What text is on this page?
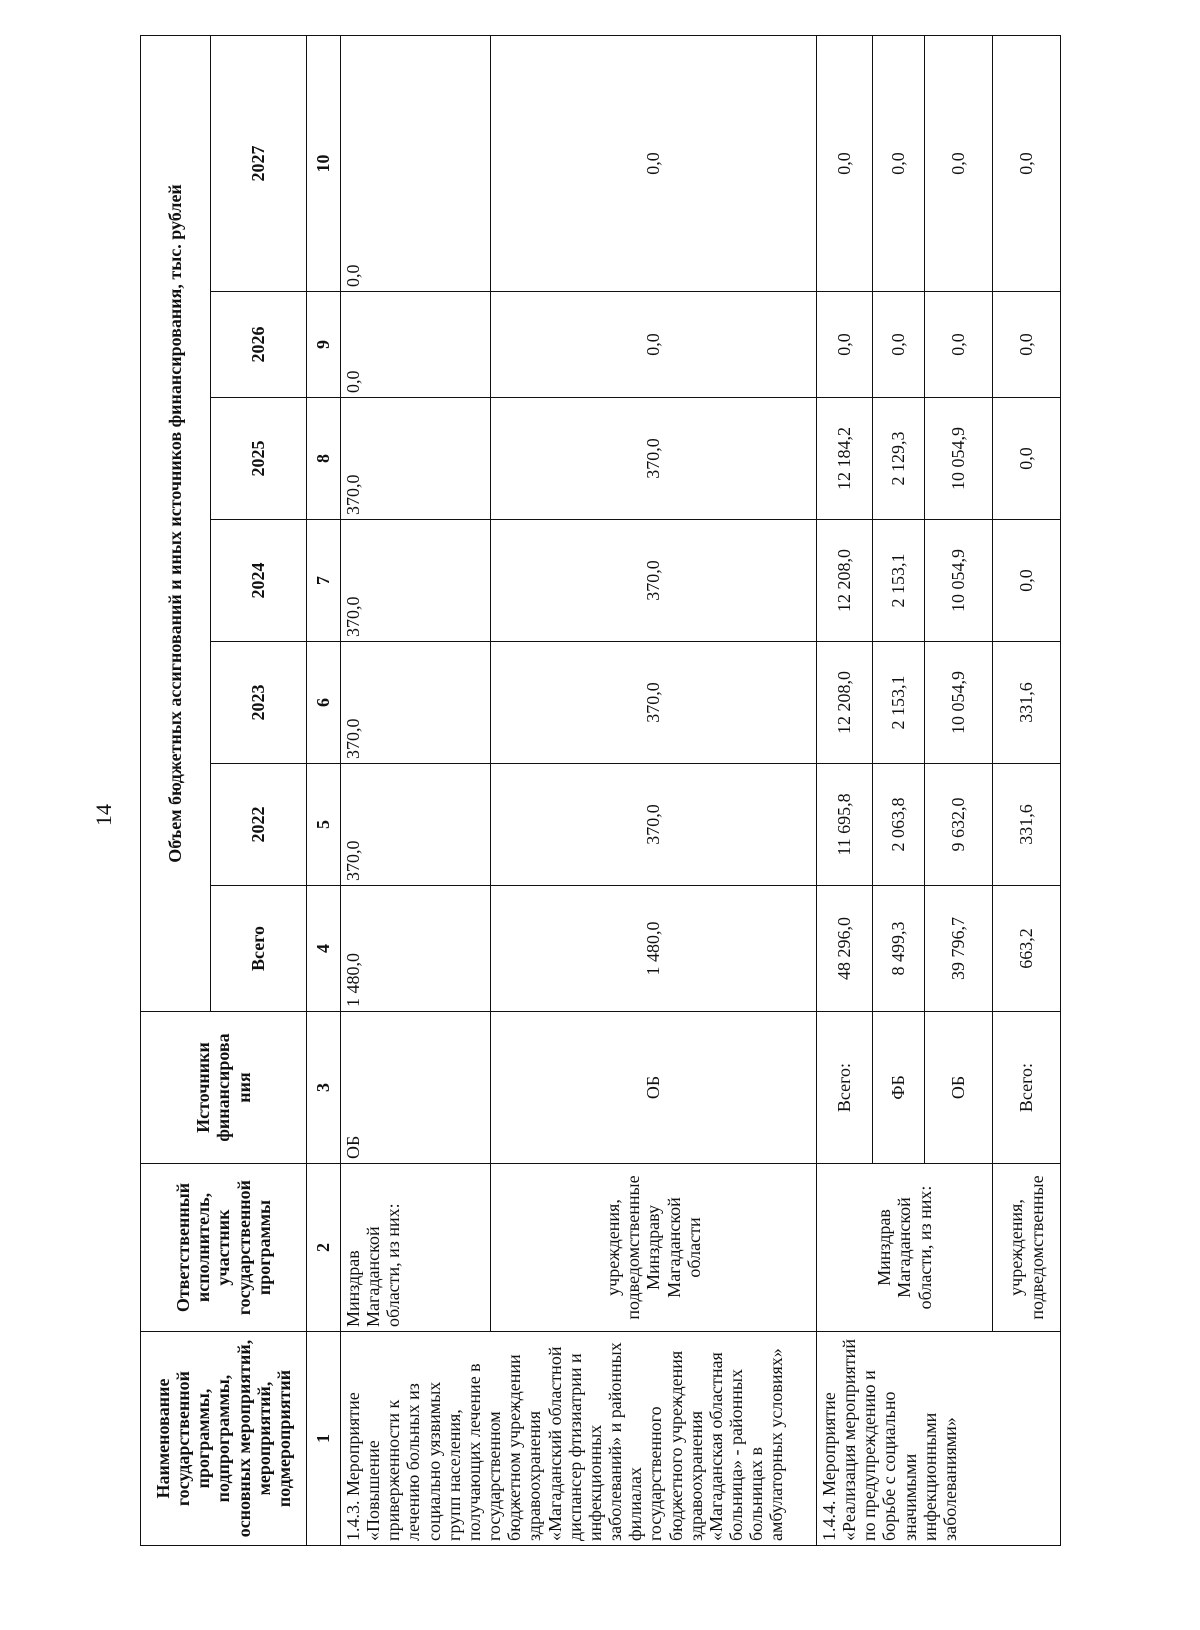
14
Наименование государственной программы, подпрограммы, основных мероприятий, мероприятий, подмероприятий	Ответственный исполнитель, участник государственной программы	Источники финансирова ния	Объем бюджетных ассигнований и иных источников финансирования, тыс. рублей						
			Всего	2022	2023	2024	2025	2026	2027
1	2	3	4	5	6	7	8	9	10
1.4.3. Мероприятие «Повышение приверженности к лечению больных из социально уязвимых групп населения, получающих лечение в государственном бюджетном учреждении здравоохранения «Магаданский областной диспансер фтизиатрии и инфекционных заболеваний» и районных филиалах государственного бюджетного учреждения здравоохранения «Магаданская областная больница» - районных больницах в амбулаторных условиях»	Минздрав Магаданской области, из них:	ОБ	1 480,0	370,0	370,0	370,0	370,0	0,0	0,0
	учреждения, подведомственные Минздраву Магаданской области	ОБ	1 480,0	370,0	370,0	370,0	370,0	0,0	0,0
1.4.4. Мероприятие «Реализация мероприятий по предупреждению и борьбе с социально значимыми инфекционными заболеваниями»	Минздрав Магаданской области, из них:	Всего:	48 296,0	11 695,8	12 208,0	12 208,0	12 184,2	0,0	0,0
		ФБ	8 499,3	2 063,8	2 153,1	2 153,1	2 129,3	0,0	0,0
		ОБ	39 796,7	9 632,0	10 054,9	10 054,9	10 054,9	0,0	0,0
	учреждения, подведомственные	Всего:	663,2	331,6	331,6	0,0	0,0	0,0	0,0
